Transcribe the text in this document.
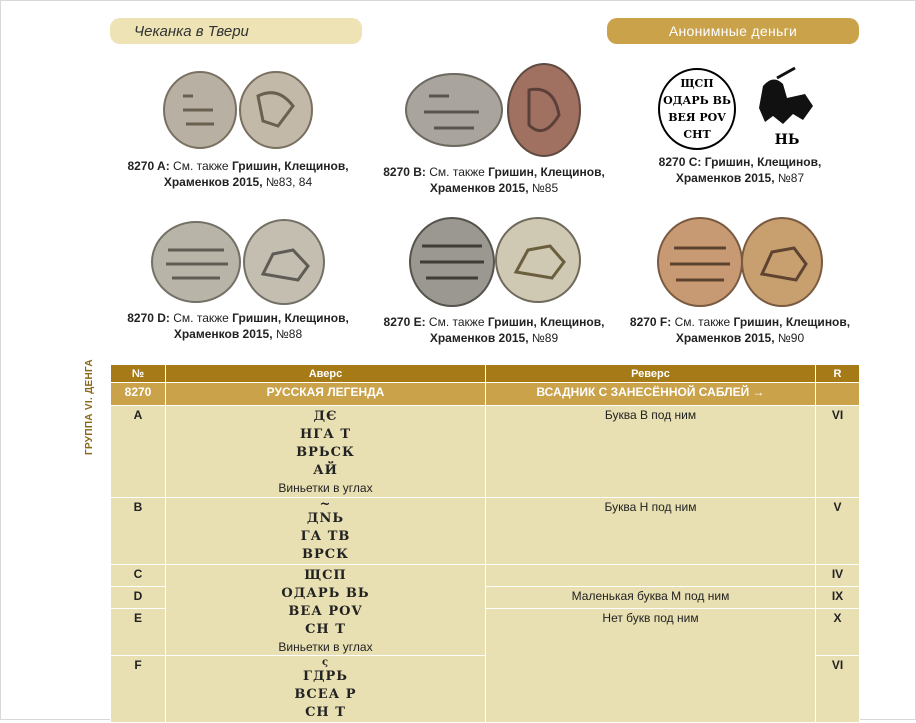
Чеканка в Твери	Анонимные деньги
8270 A: См. также Гришин, Клещинов,
Храменков 2015, №83, 84
8270 B: См. также Гришин, Клещинов,
Храменков 2015, №85
ЩСП
ОДАРЬ ВЬ
ВЕЯ РОV
СНТ	НЬ
8270 C: Гришин, Клещинов,
Храменков 2015, №87
8270 D: См. также Гришин, Клещинов,
Храменков 2015, №88
8270 E: См. также Гришин, Клещинов,
Храменков 2015, №89
8270 F: См. также Гришин, Клещинов,
Храменков 2015, №90
ГРУППА VI. ДЕНГА	№	Аверс	Реверс	R
8270	РУССКАЯ ЛЕГЕНДА	ВСАДНИК С ЗАНЕСЁННОЙ САБЛЕЙ →	
A	ДЄ
НГА Т
ВРЬСК
АЙ
Виньетки в углах	Буква В под ним	VI
B	~
ДNЬ
ГА ТВ
ВРСК	Буква Н под ним	V
C	ЩСП
ОДАРЬ ВЬ
ВЕА РОV
СН Т
Виньетки в углах		IV
D		Маленькая буква М под ним	IX
E		Нет букв под ним	X
F	ς
ГДРЬ
ВСЕА Р
СН Т		VI
